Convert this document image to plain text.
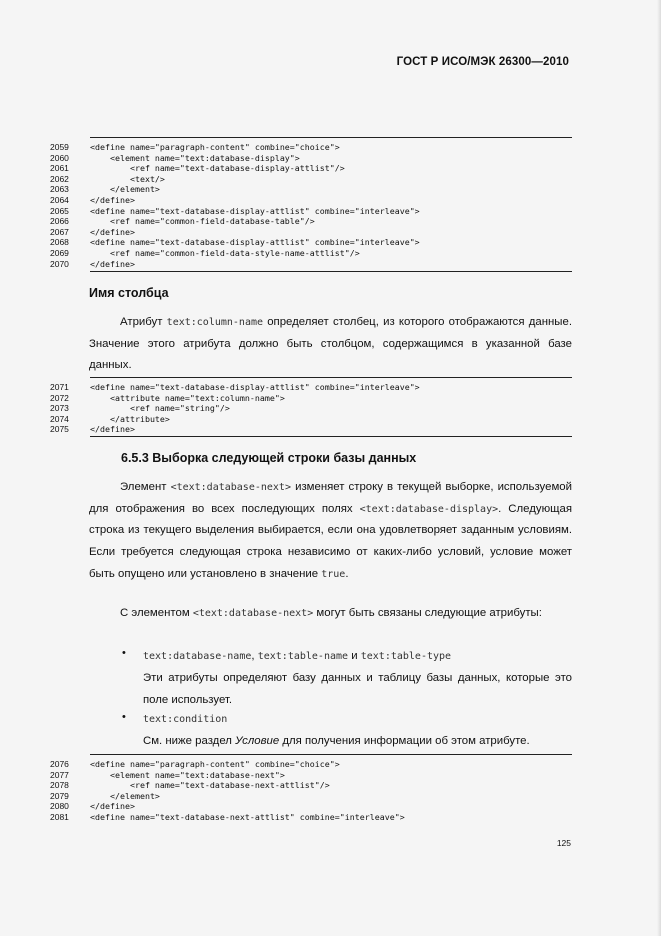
ГОСТ Р ИСО/МЭК 26300—2010
2059	<define name="paragraph-content" combine="choice">
2060	<element name="text:database-display">
2061	<ref name="text-database-display-attlist"/>
2062	<text/>
2063	</element>
2064	</define>
2065	<define name="text-database-display-attlist" combine="interleave">
2066	<ref name="common-field-database-table"/>
2067	</define>
2068	<define name="text-database-display-attlist" combine="interleave">
2069	<ref name="common-field-data-style-name-attlist"/>
2070	</define>
Имя столбца
Атрибут text:column-name определяет столбец, из которого отображаются данные. Значение этого атрибута должно быть столбцом, содержащимся в указанной базе данных.
2071	<define name="text-database-display-attlist" combine="interleave">
2072	<attribute name="text:column-name">
2073	<ref name="string"/>
2074	</attribute>
2075	</define>
6.5.3 Выборка следующей строки базы данных
Элемент <text:database-next> изменяет строку в текущей выборке, используемой для отображения во всех последующих полях <text:database-display>. Следующая строка из текущего выделения выбирается, если она удовлетворяет заданным условиям. Если требуется следующая строка независимо от каких-либо условий, условие может быть опущено или установлено в значение true.
С элементом <text:database-next> могут быть связаны следующие атрибуты:
• text:database-name, text:table-name и text:table-type
Эти атрибуты определяют базу данных и таблицу базы данных, которые это поле использует.
• text:condition
См. ниже раздел Условие для получения информации об этом атрибуте.
2076	<define name="paragraph-content" combine="choice">
2077	<element name="text:database-next">
2078	<ref name="text-database-next-attlist"/>
2079	</element>
2080	</define>
2081	<define name="text-database-next-attlist" combine="interleave">
125
